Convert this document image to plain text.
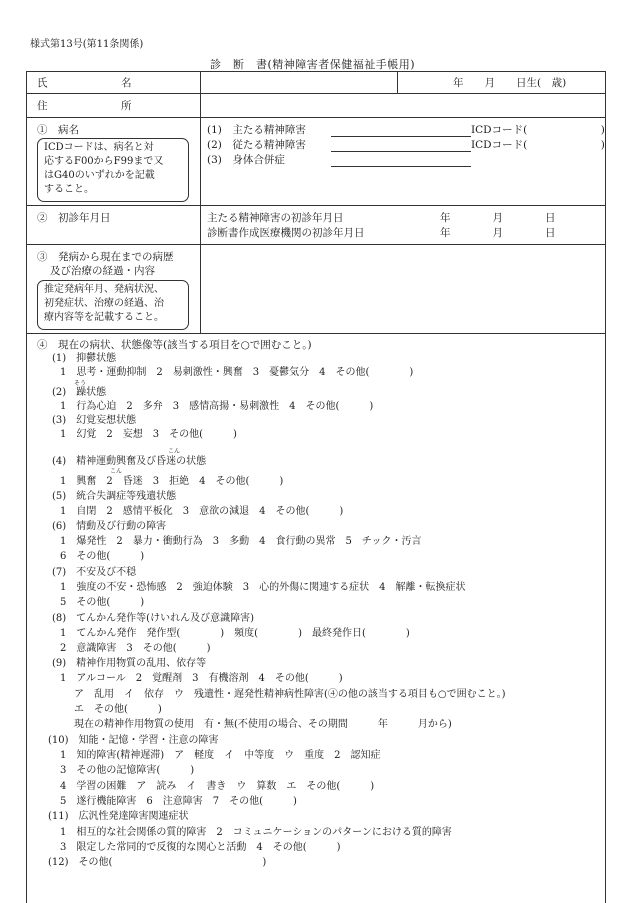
様式第13号(第11条関係)
診　断　書(精神障害者保健福祉手帳用)
氏　　　　　　　名	年　　月　　日生(　歳)
住　　　　　　　所
①　病名
ICDコードは、病名と対
応するF00からF99まで又
はG40のいずれかを記載
すること。
(1)　主たる精神障害	ICDコード(　　　　　　　)
(2)　従たる精神障害	ICDコード(　　　　　　　)
(3)　身体合併症
②　初診年月日	主たる精神障害の初診年月日	年　　　　月　　　　日
診断書作成医療機関の初診年月日	年　　　　月　　　　日
③　発病から現在までの病歴
及び治療の経過・内容
推定発病年月、発病状況、
初発症状、治療の経過、治
療内容等を記載すること。
④　現在の病状、状態像等(該当する項目を○で囲むこと。)
(1)　抑鬱状態
1　思考・運動抑制　2　易刺激性・興奮　3　憂鬱気分　4　その他(　　　　)
そう
(2)　躁状態
1　行為心迫　2　多弁　3　感情高揚・易刺激性　4　その他(　　　)
(3)　幻覚妄想状態
1　幻覚　2　妄想　3　その他(　　　)
こん
(4)　精神運動興奮及び昏迷の状態
こん
1　興奮　2　昏迷　3　拒絶　4　その他(　　　)
(5)　統合失調症等残遺状態
1　自閉　2　感情平板化　3　意欲の減退　4　その他(　　　)
(6)　情動及び行動の障害
1　爆発性　2　暴力・衝動行為　3　多動　4　食行動の異常　5　チック・汚言
6　その他(　　　)
(7)　不安及び不穏
1　強度の不安・恐怖感　2　強迫体験　3　心的外傷に関連する症状　4　解離・転換症状
5　その他(　　　)
(8)　てんかん発作等(けいれん及び意識障害)
1　てんかん発作　発作型(　　　　)　頻度(　　　　)　最終発作日(　　　　)
2　意識障害　3　その他(　　　)
(9)　精神作用物質の乱用、依存等
1　アルコール　2　覚醒剤　3　有機溶剤　4　その他(　　　)
ア　乱用　イ　依存　ウ　残遺性・遅発性精神病性障害(④の他の該当する項目も○で囲むこと。)
エ　その他(　　　)
現在の精神作用物質の使用　有・無(不使用の場合、その期間　　　年　　　月から)
(10)　知能・記憶・学習・注意の障害
1　知的障害(精神遅滞)　ア　軽度　イ　中等度　ウ　重度　2　認知症
3　その他の記憶障害(　　　)
4　学習の困難　ア　読み　イ　書き　ウ　算数　エ　その他(　　　)
5　遂行機能障害　6　注意障害　7　その他(　　　)
(11)　広汎性発達障害関連症状
1　相互的な社会関係の質的障害　2　コミュニケーションのパターンにおける質的障害
3　限定した常同的で反復的な関心と活動　4　その他(　　　)
(12)　その他(　　　　　　　　　　　　　　　)
